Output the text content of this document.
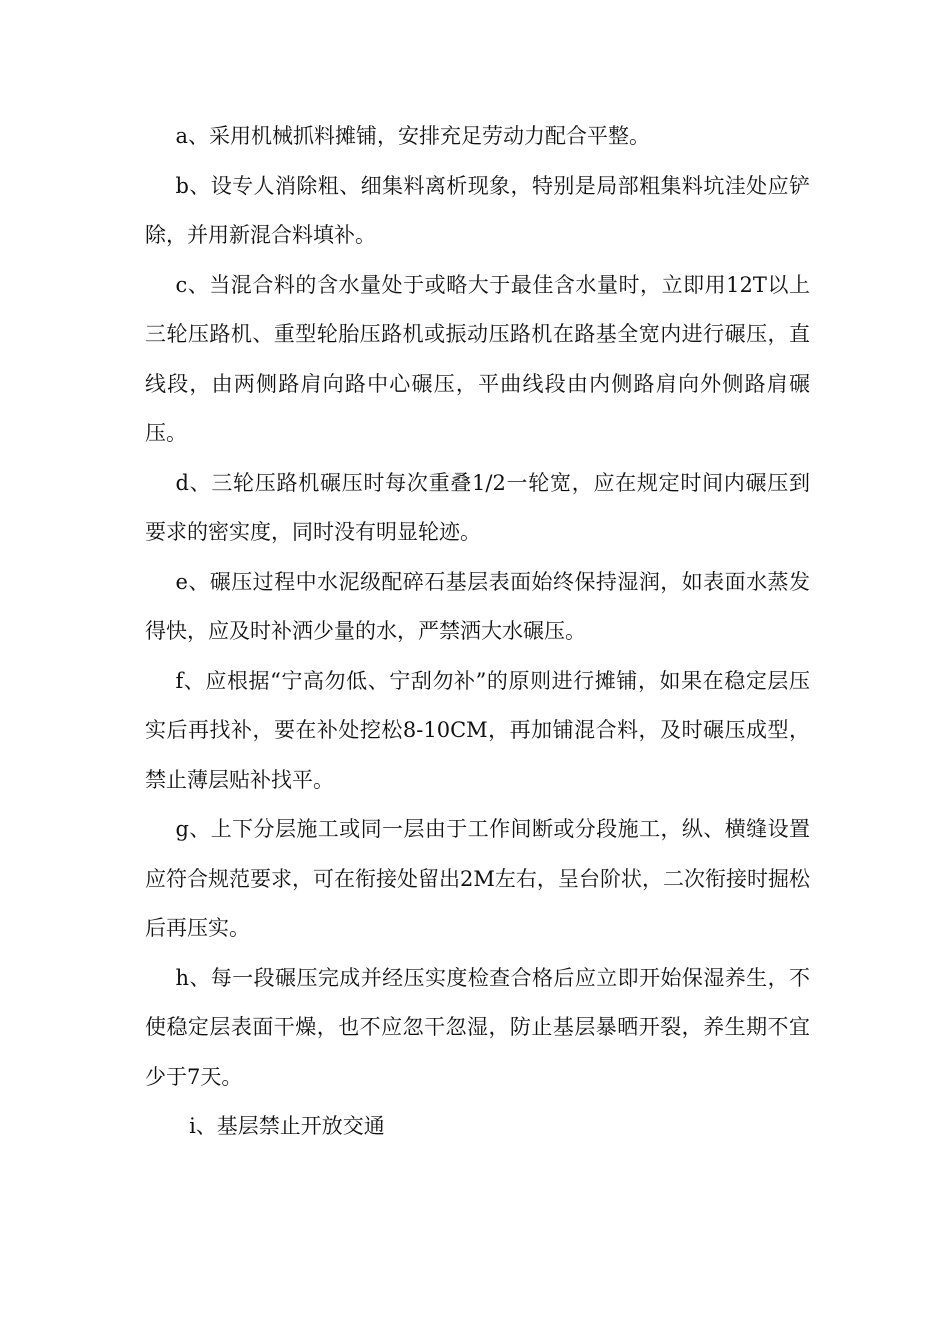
a、采用机械抓料摊铺，安排充足劳动力配合平整。

b、设专人消除粗、细集料离析现象，特别是局部粗集料坑洼处应铲除，并用新混合料填补。

c、当混合料的含水量处于或略大于最佳含水量时，立即用12T以上三轮压路机、重型轮胎压路机或振动压路机在路基全宽内进行碾压，直线段，由两侧路肩向路中心碾压，平曲线段由内侧路肩向外侧路肩碾压。

d、三轮压路机碾压时每次重叠1/2一轮宽，应在规定时间内碾压到要求的密实度，同时没有明显轮迹。

e、碾压过程中水泥级配碎石基层表面始终保持湿润，如表面水蒸发得快，应及时补洒少量的水，严禁洒大水碾压。

f、应根据“宁高勿低、宁刮勿补”的原则进行摊铺，如果在稳定层压实后再找补，要在补处挖松8-10CM，再加铺混合料，及时碾压成型，禁止薄层贴补找平。

g、上下分层施工或同一层由于工作间断或分段施工，纵、横缝设置应符合规范要求，可在衔接处留出2M左右，呈台阶状，二次衔接时掘松后再压实。

h、每一段碾压完成并经压实度检查合格后应立即开始保湿养生，不使稳定层表面干燥，也不应忽干忽湿，防止基层暴晒开裂，养生期不宜少于7天。

i、基层禁止开放交通
